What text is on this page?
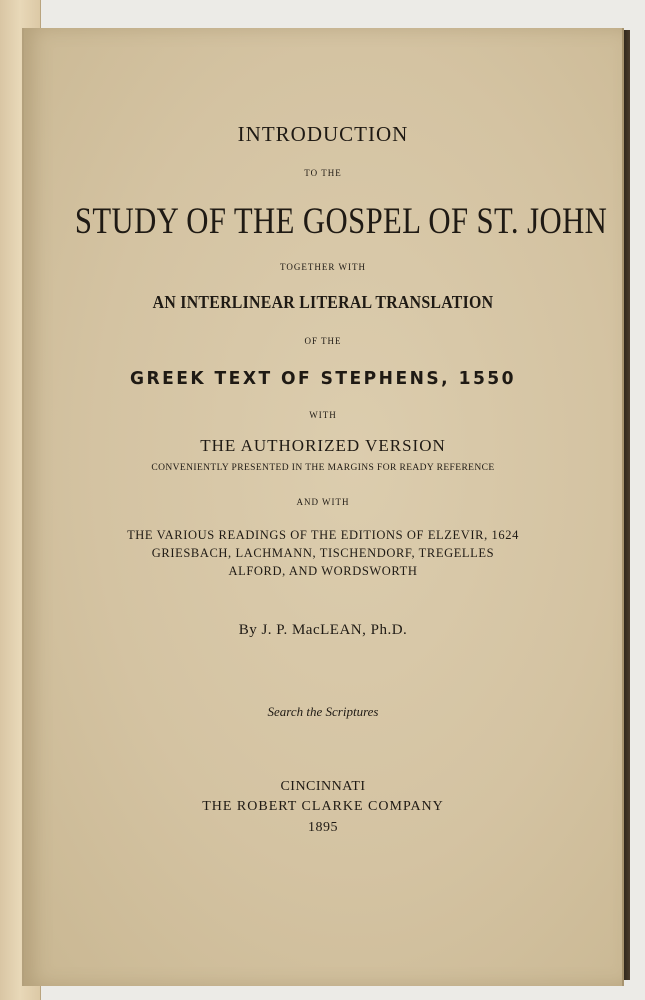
INTRODUCTION
TO THE
STUDY OF THE GOSPEL OF ST. JOHN
TOGETHER WITH
AN INTERLINEAR LITERAL TRANSLATION
OF THE
GREEK TEXT OF STEPHENS, 1550
WITH
THE AUTHORIZED VERSION
CONVENIENTLY PRESENTED IN THE MARGINS FOR READY REFERENCE
AND WITH
THE VARIOUS READINGS OF THE EDITIONS OF ELZEVIR, 1624
GRIESBACH, LACHMANN, TISCHENDORF, TREGELLES
ALFORD, AND WORDSWORTH
By J. P. MacLEAN, Ph.D.
Search the Scriptures
CINCINNATI
THE ROBERT CLARKE COMPANY
1895
